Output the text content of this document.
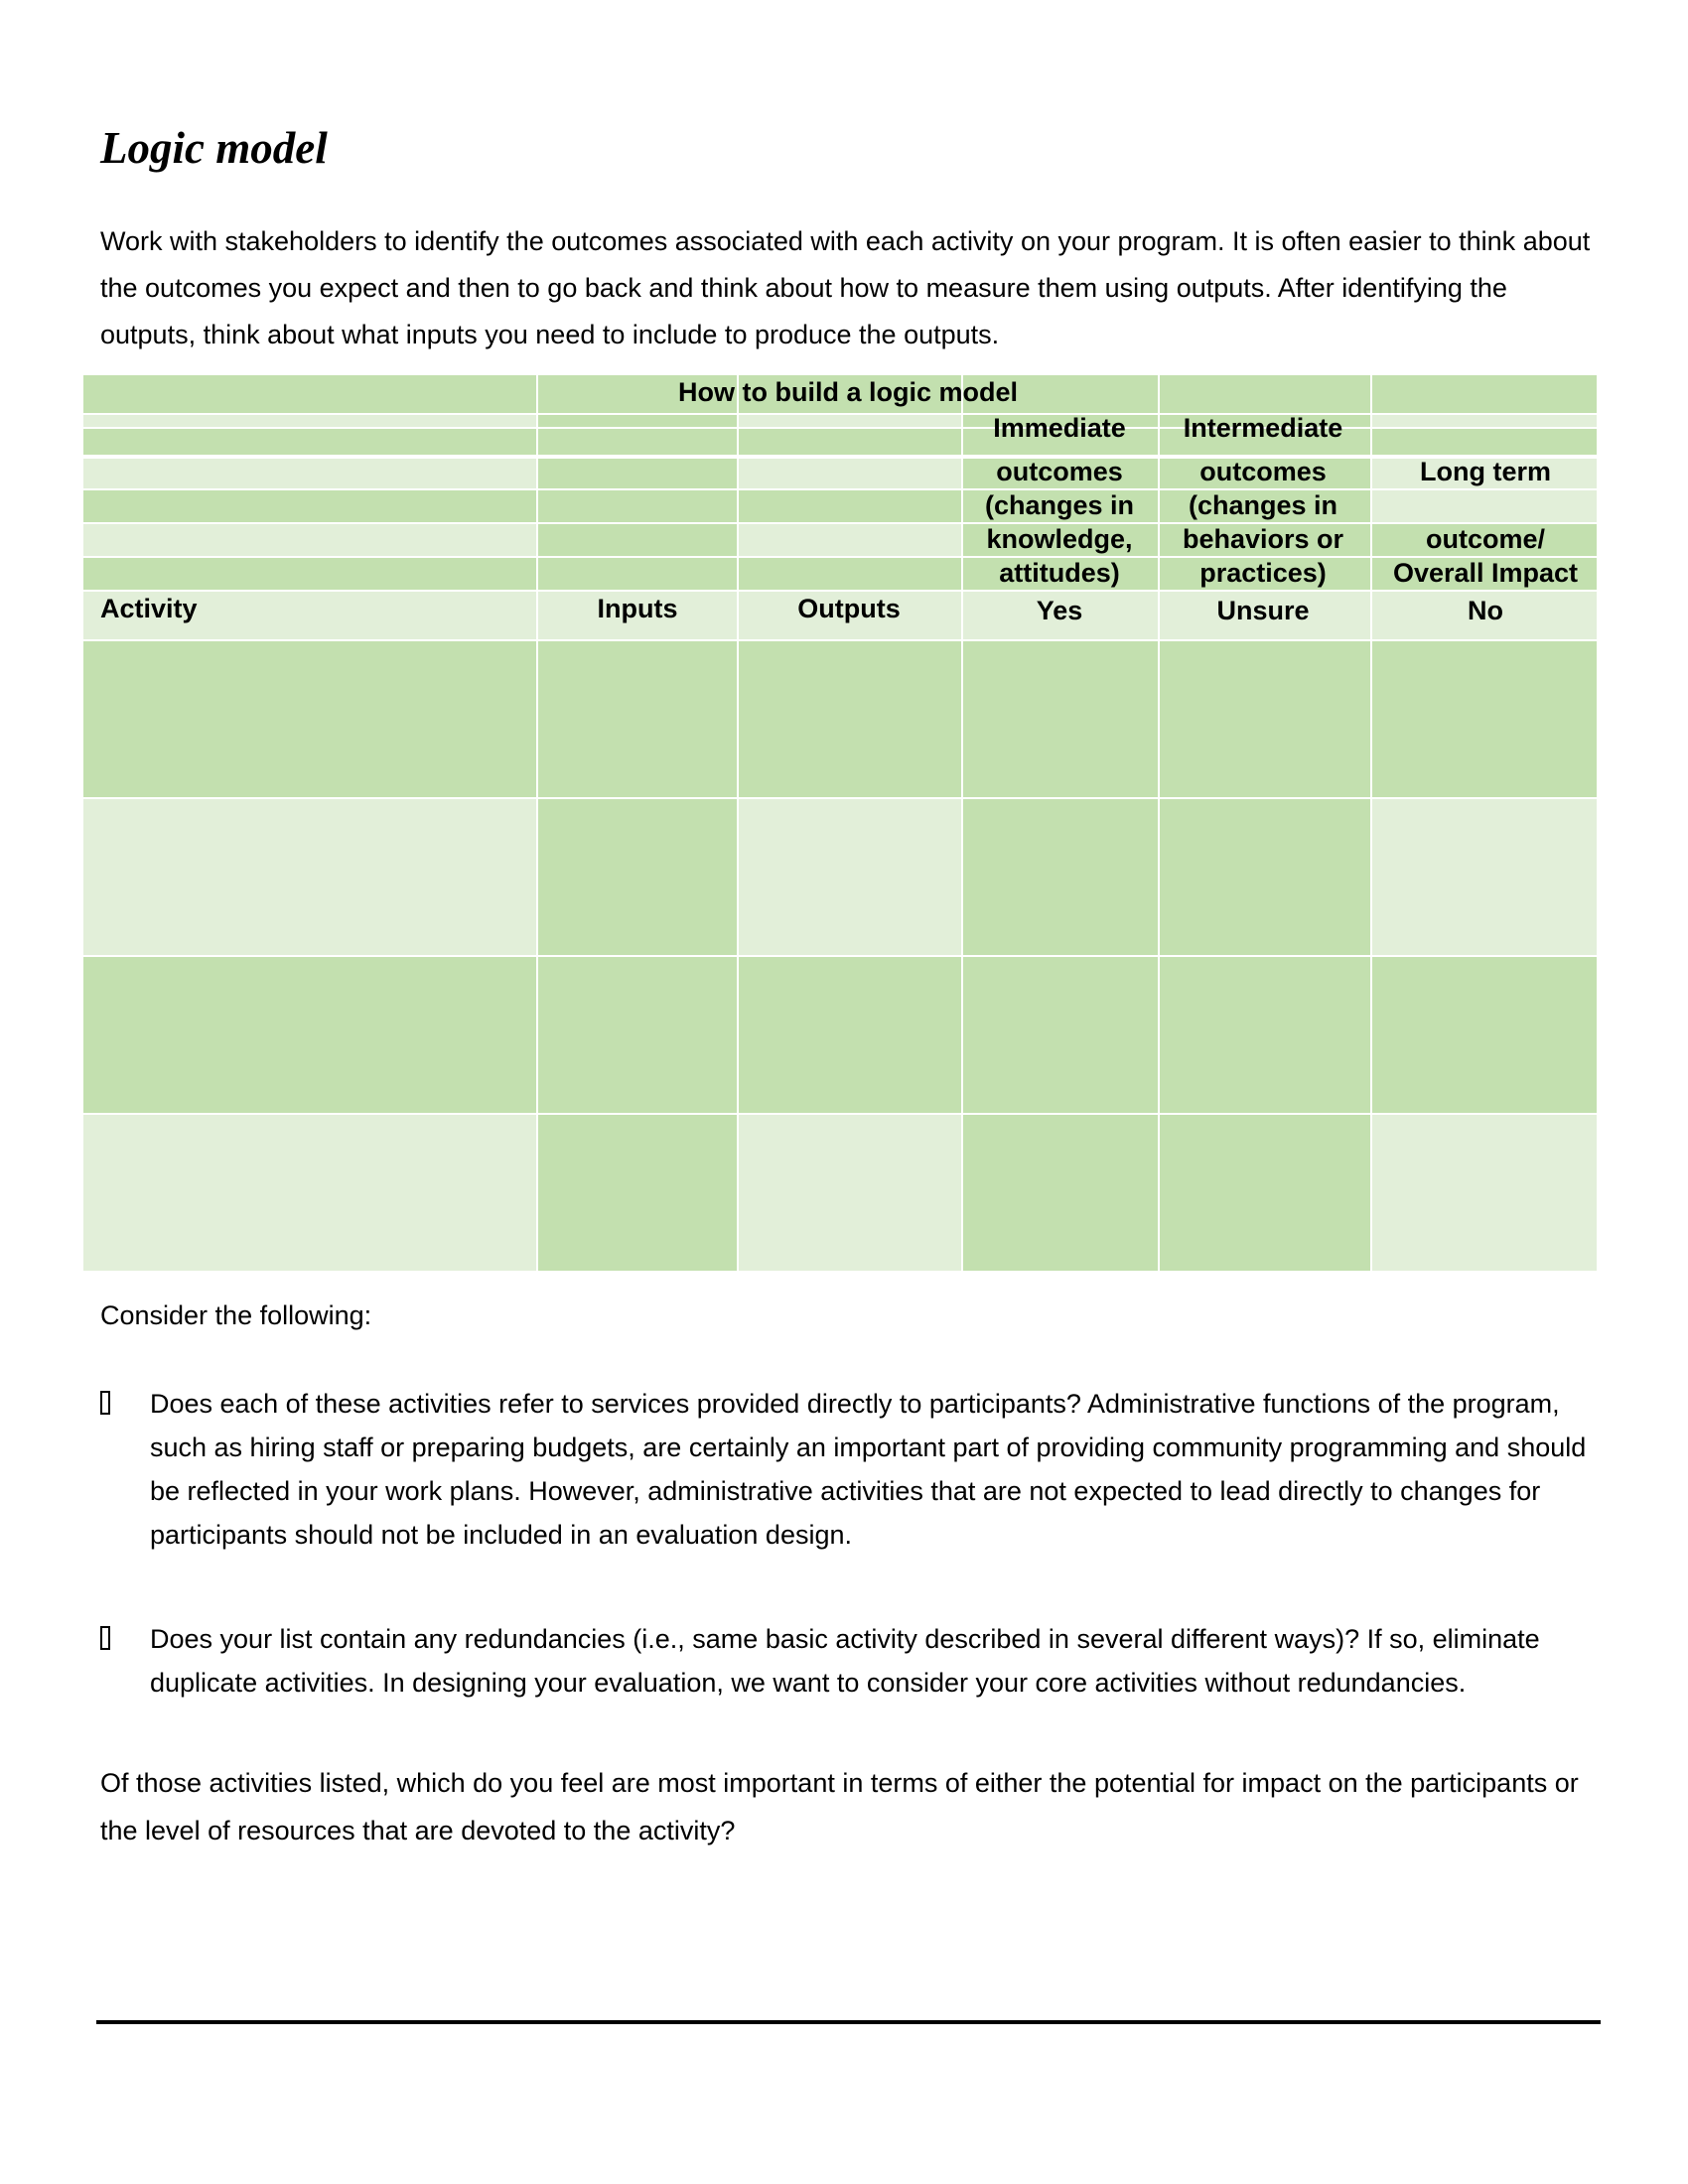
Logic model

Work with stakeholders to identify the outcomes associated with each activity on your program. It is often easier to think about the outcomes you expect and then to go back and think about how to measure them using outputs. After identifying the outputs, think about what inputs you need to include to produce the outputs.

How to build a logic model
Immediate
outcomes
(changes in
knowledge,
attitudes)
Yes
Intermediate
outcomes
(changes in
behaviors or
practices)
Unsure
Long term
outcome/
Overall Impact
No
Activity	Inputs	Outputs

Consider the following:

Does each of these activities refer to services provided directly to participants? Administrative functions of the program, such as hiring staff or preparing budgets, are certainly an important part of providing community programming and should be reflected in your work plans. However, administrative activities that are not expected to lead directly to changes for participants should not be included in an evaluation design.
Does your list contain any redundancies (i.e., same basic activity described in several different ways)? If so, eliminate duplicate activities. In designing your evaluation, we want to consider your core activities without redundancies.

Of those activities listed, which do you feel are most important in terms of either the potential for impact on the participants or the level of resources that are devoted to the activity?
